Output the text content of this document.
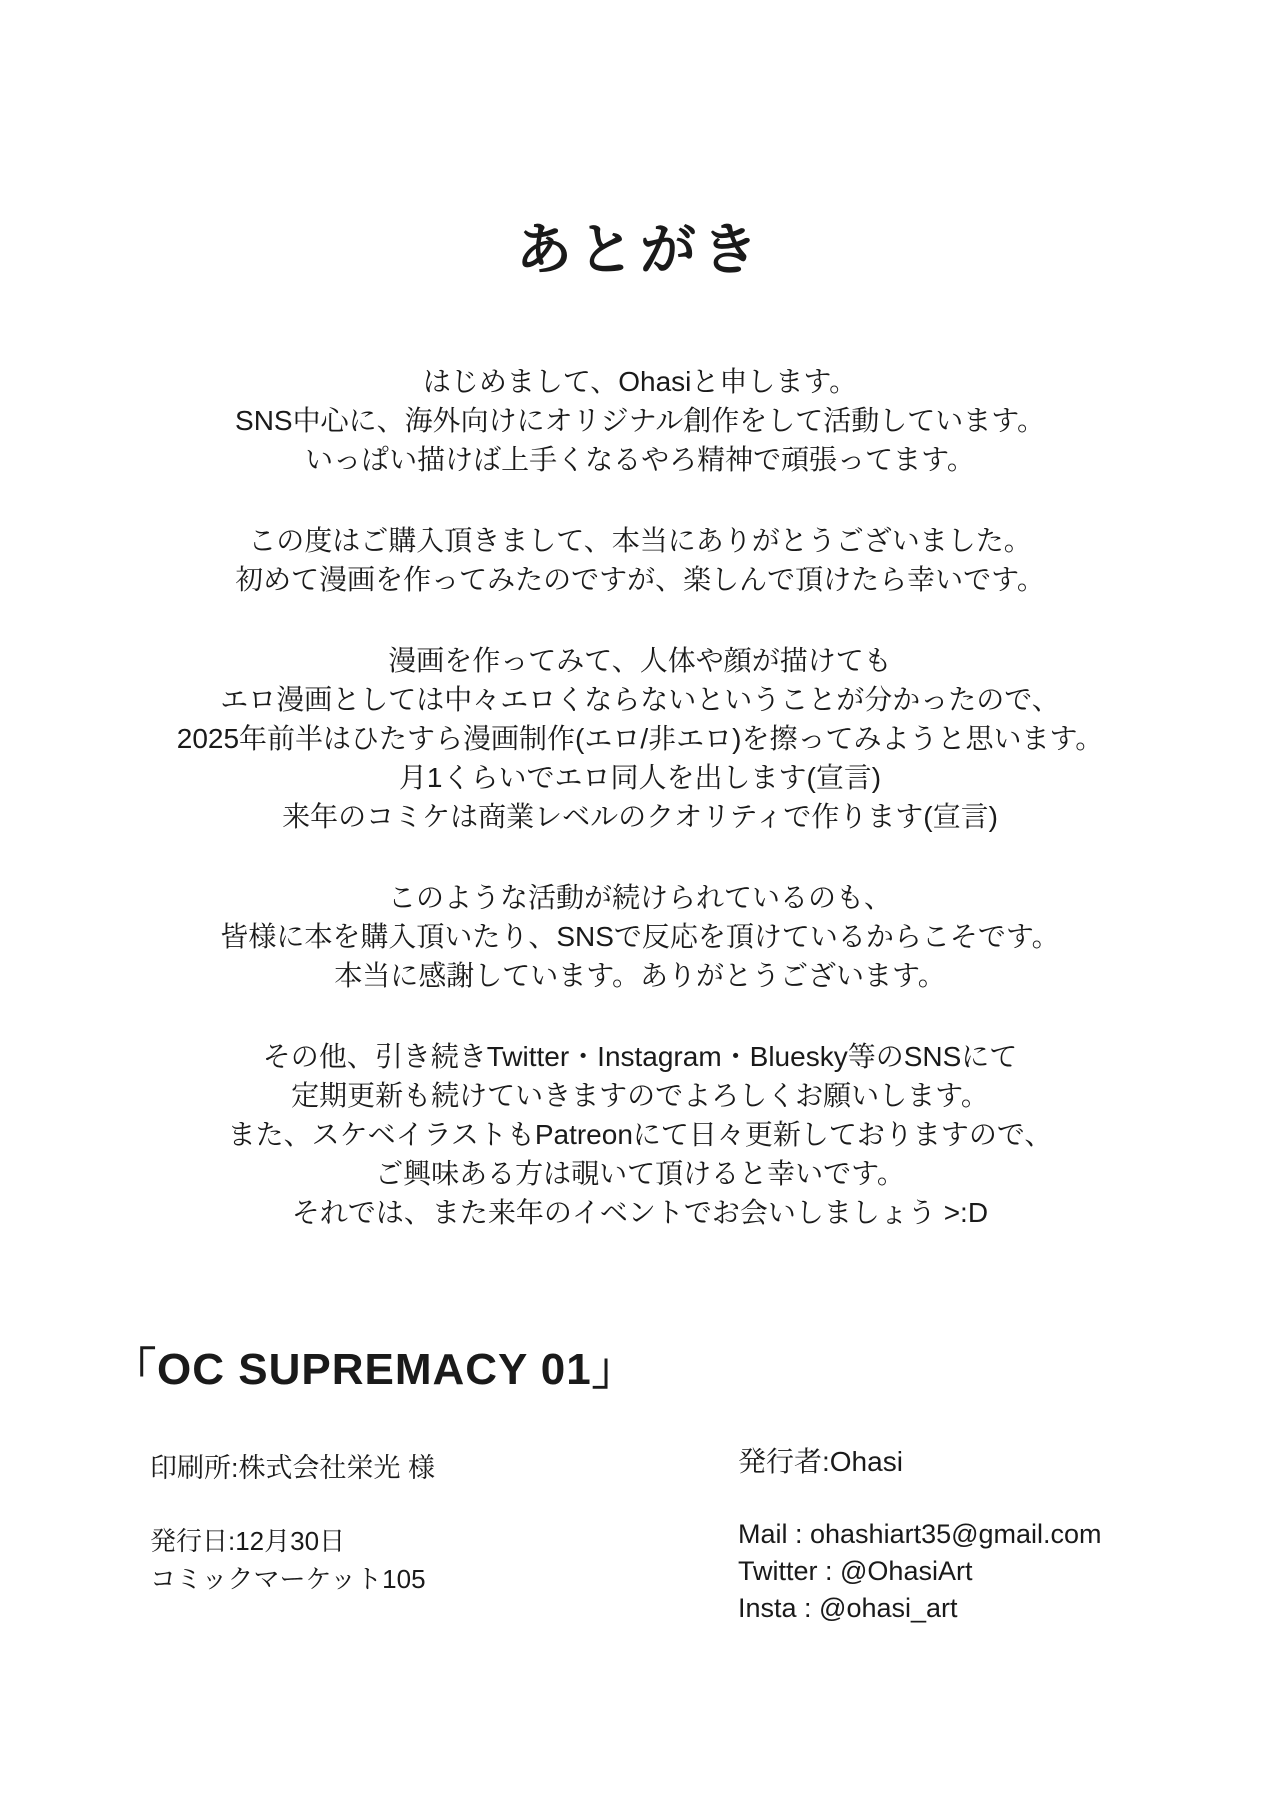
あとがき
はじめまして、Ohasiと申します。
SNS中心に、海外向けにオリジナル創作をして活動しています。
いっぱい描けば上手くなるやろ精神で頑張ってます。
この度はご購入頂きまして、本当にありがとうございました。
初めて漫画を作ってみたのですが、楽しんで頂けたら幸いです。
漫画を作ってみて、人体や顔が描けても
エロ漫画としては中々エロくならないということが分かったので、
2025年前半はひたすら漫画制作(エロ/非エロ)を擦ってみようと思います。
月1くらいでエロ同人を出します(宣言)
来年のコミケは商業レベルのクオリティで作ります(宣言)
このような活動が続けられているのも、
皆様に本を購入頂いたり、SNSで反応を頂けているからこそです。
本当に感謝しています。ありがとうございます。
その他、引き続きTwitter・Instagram・Bluesky等のSNSにて
定期更新も続けていきますのでよろしくお願いします。
また、スケベイラストもPatreonにて日々更新しておりますので、
ご興味ある方は覗いて頂けると幸いです。
それでは、また来年のイベントでお会いしましょう >:D
「OC SUPREMACY 01」
印刷所:株式会社栄光 様
発行日:12月30日
コミックマーケット105
発行者:Ohasi
Mail : ohashiart35@gmail.com
Twitter : @OhasiArt
Insta : @ohasi_art
